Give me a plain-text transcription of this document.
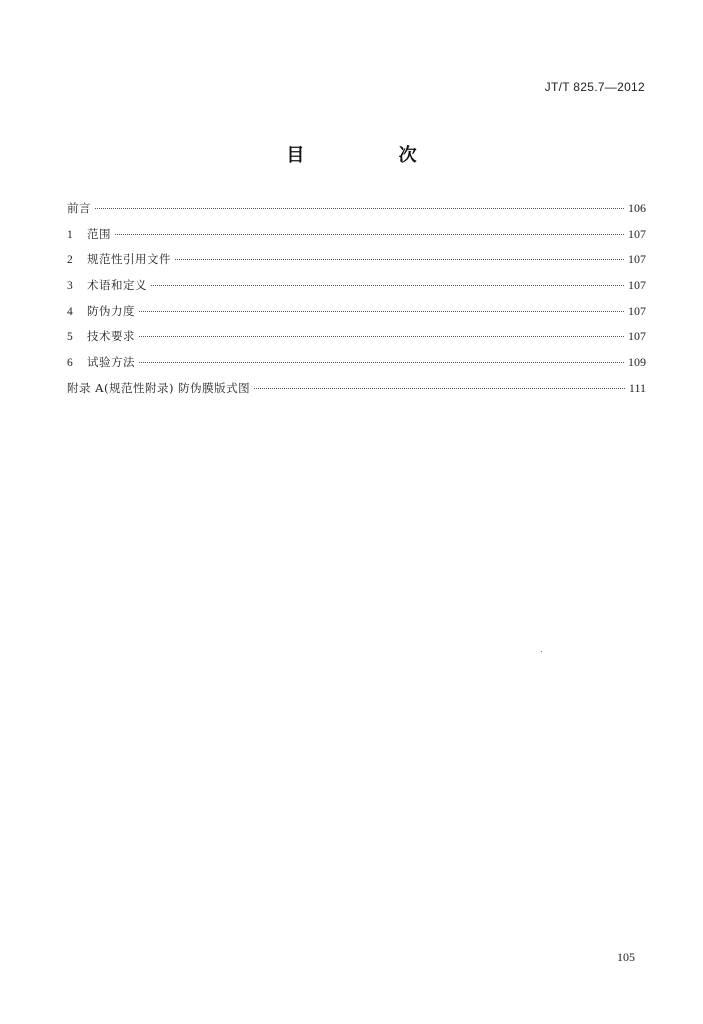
JT/T 825.7—2012
目 次
前言	106
1	范围	107
2	规范性引用文件	107
3	术语和定义	107
4	防伪力度	107
5	技术要求	107
6	试验方法	109
附录 A(规范性附录) 防伪膜版式图	111
105
